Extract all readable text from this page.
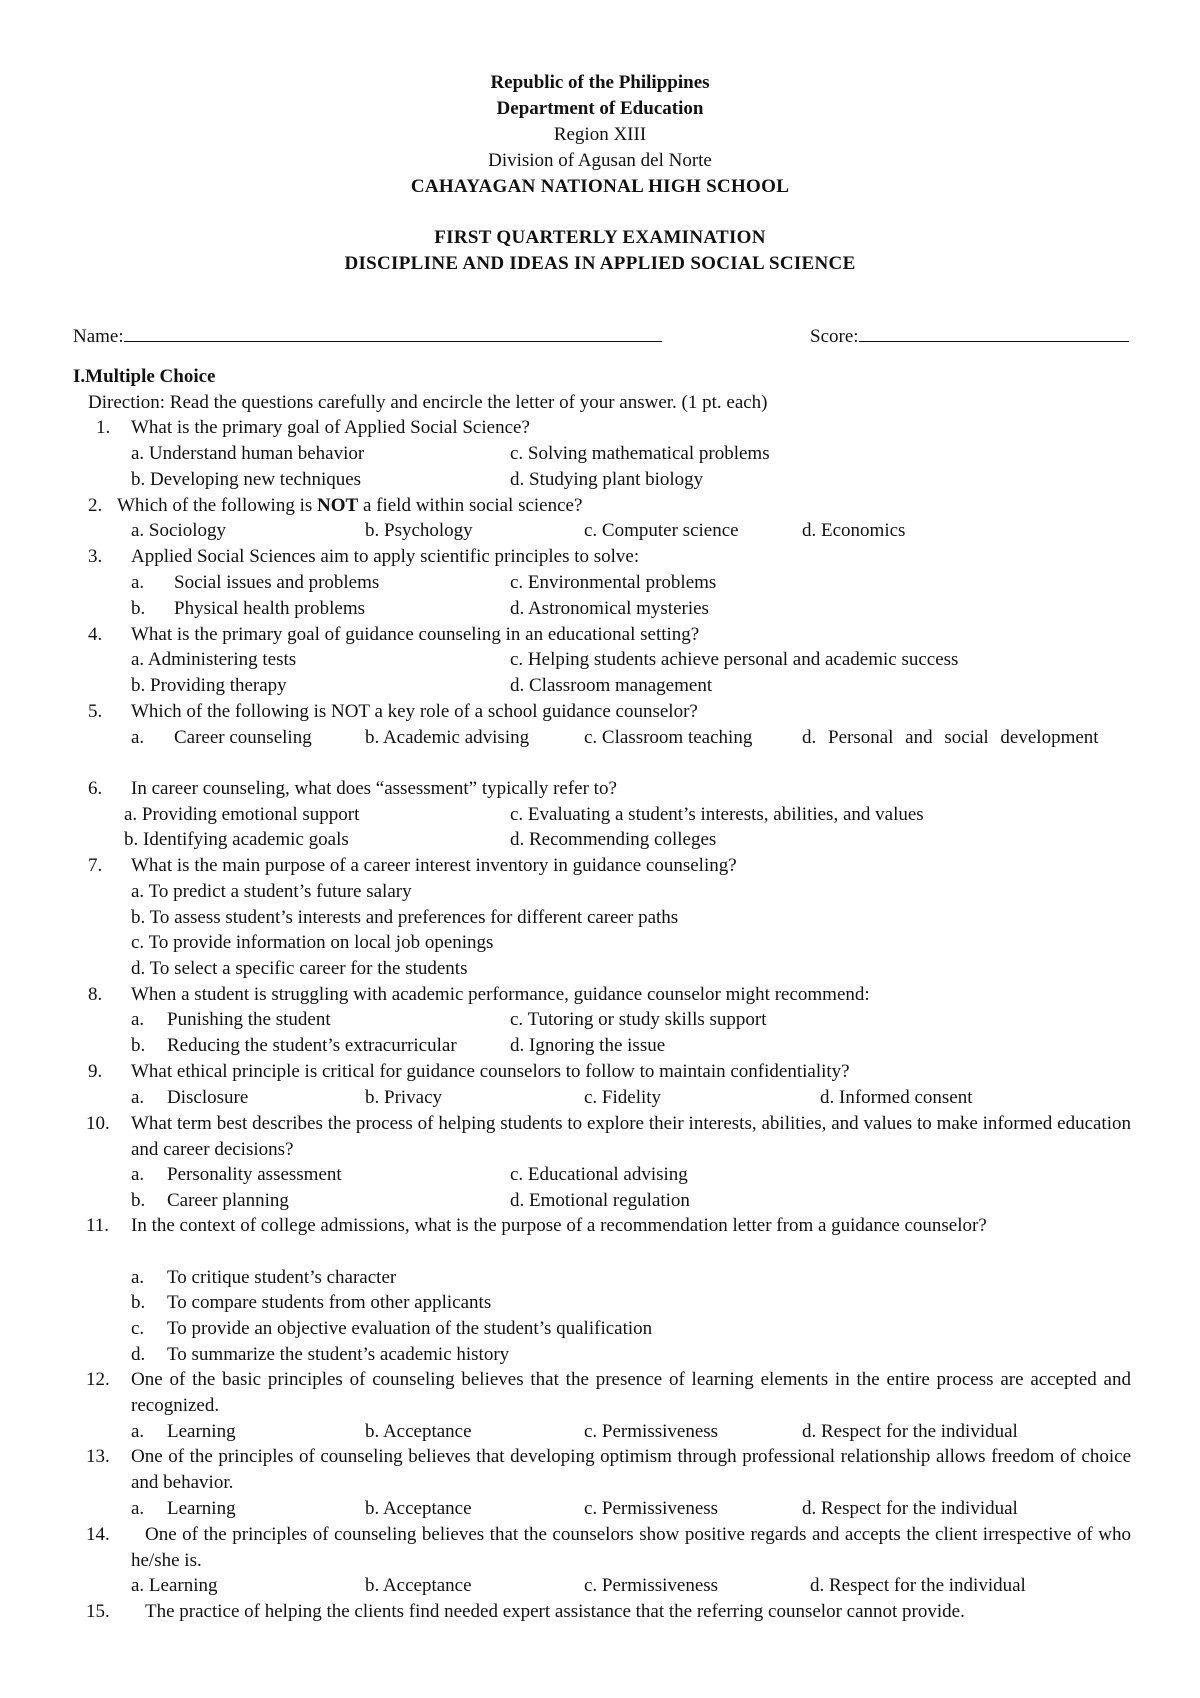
Republic of the Philippines
Department of Education
Region XIII
Division of Agusan del Norte
CAHAYAGAN NATIONAL HIGH SCHOOL
FIRST QUARTERLY EXAMINATION
DISCIPLINE AND IDEAS IN APPLIED SOCIAL SCIENCE
Name:	Score:
I.Multiple Choice
Direction: Read the questions carefully and encircle the letter of your answer. (1 pt. each)
1. What is the primary goal of Applied Social Science?
a. Understand human behavior	c. Solving mathematical problems
b. Developing new techniques	d. Studying plant biology
2. Which of the following is NOT a field within social science?
a. Sociology	b. Psychology	c. Computer science	d. Economics
3. Applied Social Sciences aim to apply scientific principles to solve:
a. Social issues and problems	c. Environmental problems
b. Physical health problems	d. Astronomical mysteries
4. What is the primary goal of guidance counseling in an educational setting?
a. Administering tests	c. Helping students achieve personal and academic success
b. Providing therapy	d. Classroom management
5. Which of the following is NOT a key role of a school guidance counselor?
a. Career counseling	b. Academic advising	c. Classroom teaching	d. Personal and social development
6. In career counseling, what does “assessment” typically refer to?
a. Providing emotional support	c. Evaluating a student’s interests, abilities, and values
b. Identifying academic goals	d. Recommending colleges
7. What is the main purpose of a career interest inventory in guidance counseling?
a. To predict a student’s future salary
b. To assess student’s interests and preferences for different career paths
c. To provide information on local job openings
d. To select a specific career for the students
8. When a student is struggling with academic performance, guidance counselor might recommend:
a. Punishing the student	c. Tutoring or study skills support
b. Reducing the student’s extracurricular	d. Ignoring the issue
9. What ethical principle is critical for guidance counselors to follow to maintain confidentiality?
a. Disclosure	b. Privacy	c. Fidelity	d. Informed consent
10. What term best describes the process of helping students to explore their interests, abilities, and values to make informed education and career decisions?
a. Personality assessment	c. Educational advising
b. Career planning	d. Emotional regulation
11. In the context of college admissions, what is the purpose of a recommendation letter from a guidance counselor?
a. To critique student’s character
b. To compare students from other applicants
c. To provide an objective evaluation of the student’s qualification
d. To summarize the student’s academic history
12. One of the basic principles of counseling believes that the presence of learning elements in the entire process are accepted and recognized.
a. Learning	b. Acceptance	c. Permissiveness	d. Respect for the individual
13. One of the principles of counseling believes that developing optimism through professional relationship allows freedom of choice and behavior.
a. Learning	b. Acceptance	c. Permissiveness	d. Respect for the individual
14.	One of the principles of counseling believes that the counselors show positive regards and accepts the client irrespective of who he/she is.
a. Learning	b. Acceptance	c. Permissiveness	d. Respect for the individual
15. The practice of helping the clients find needed expert assistance that the referring counselor cannot provide.
